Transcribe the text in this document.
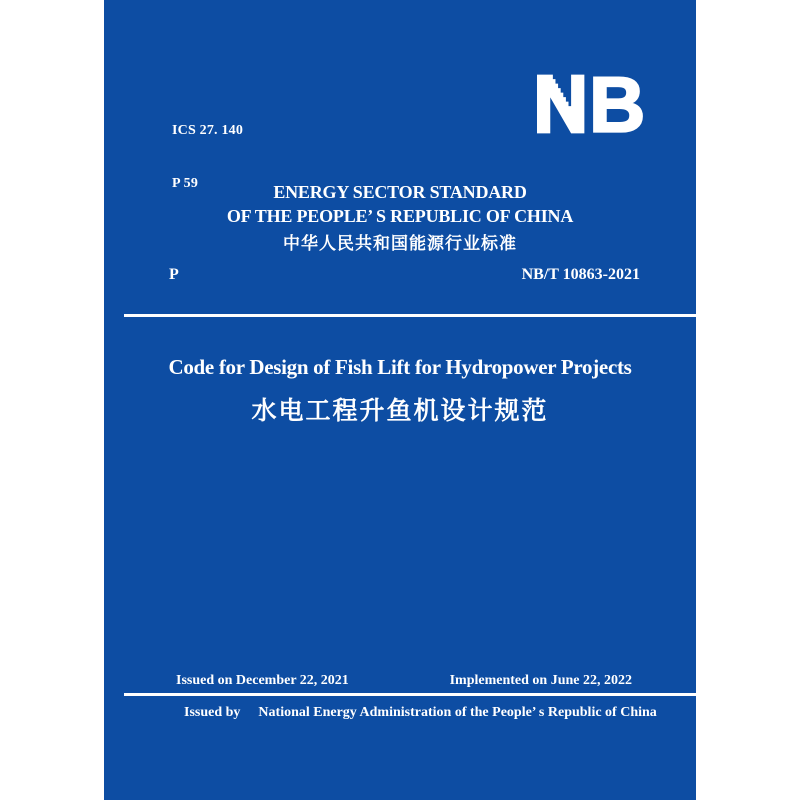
ICS 27. 140

P 59

B
ENERGY SECTOR STANDARD
OF THE PEOPLE’ S REPUBLIC OF CHINA
中华人民共和国能源行业标准
P	NB/T 10863-2021
Code for Design of Fish Lift for Hydropower Projects
水电工程升鱼机设计规范
Issued on December 22, 2021	Implemented on June 22, 2022
Issued by National Energy Administration of the People’ s Republic of China
